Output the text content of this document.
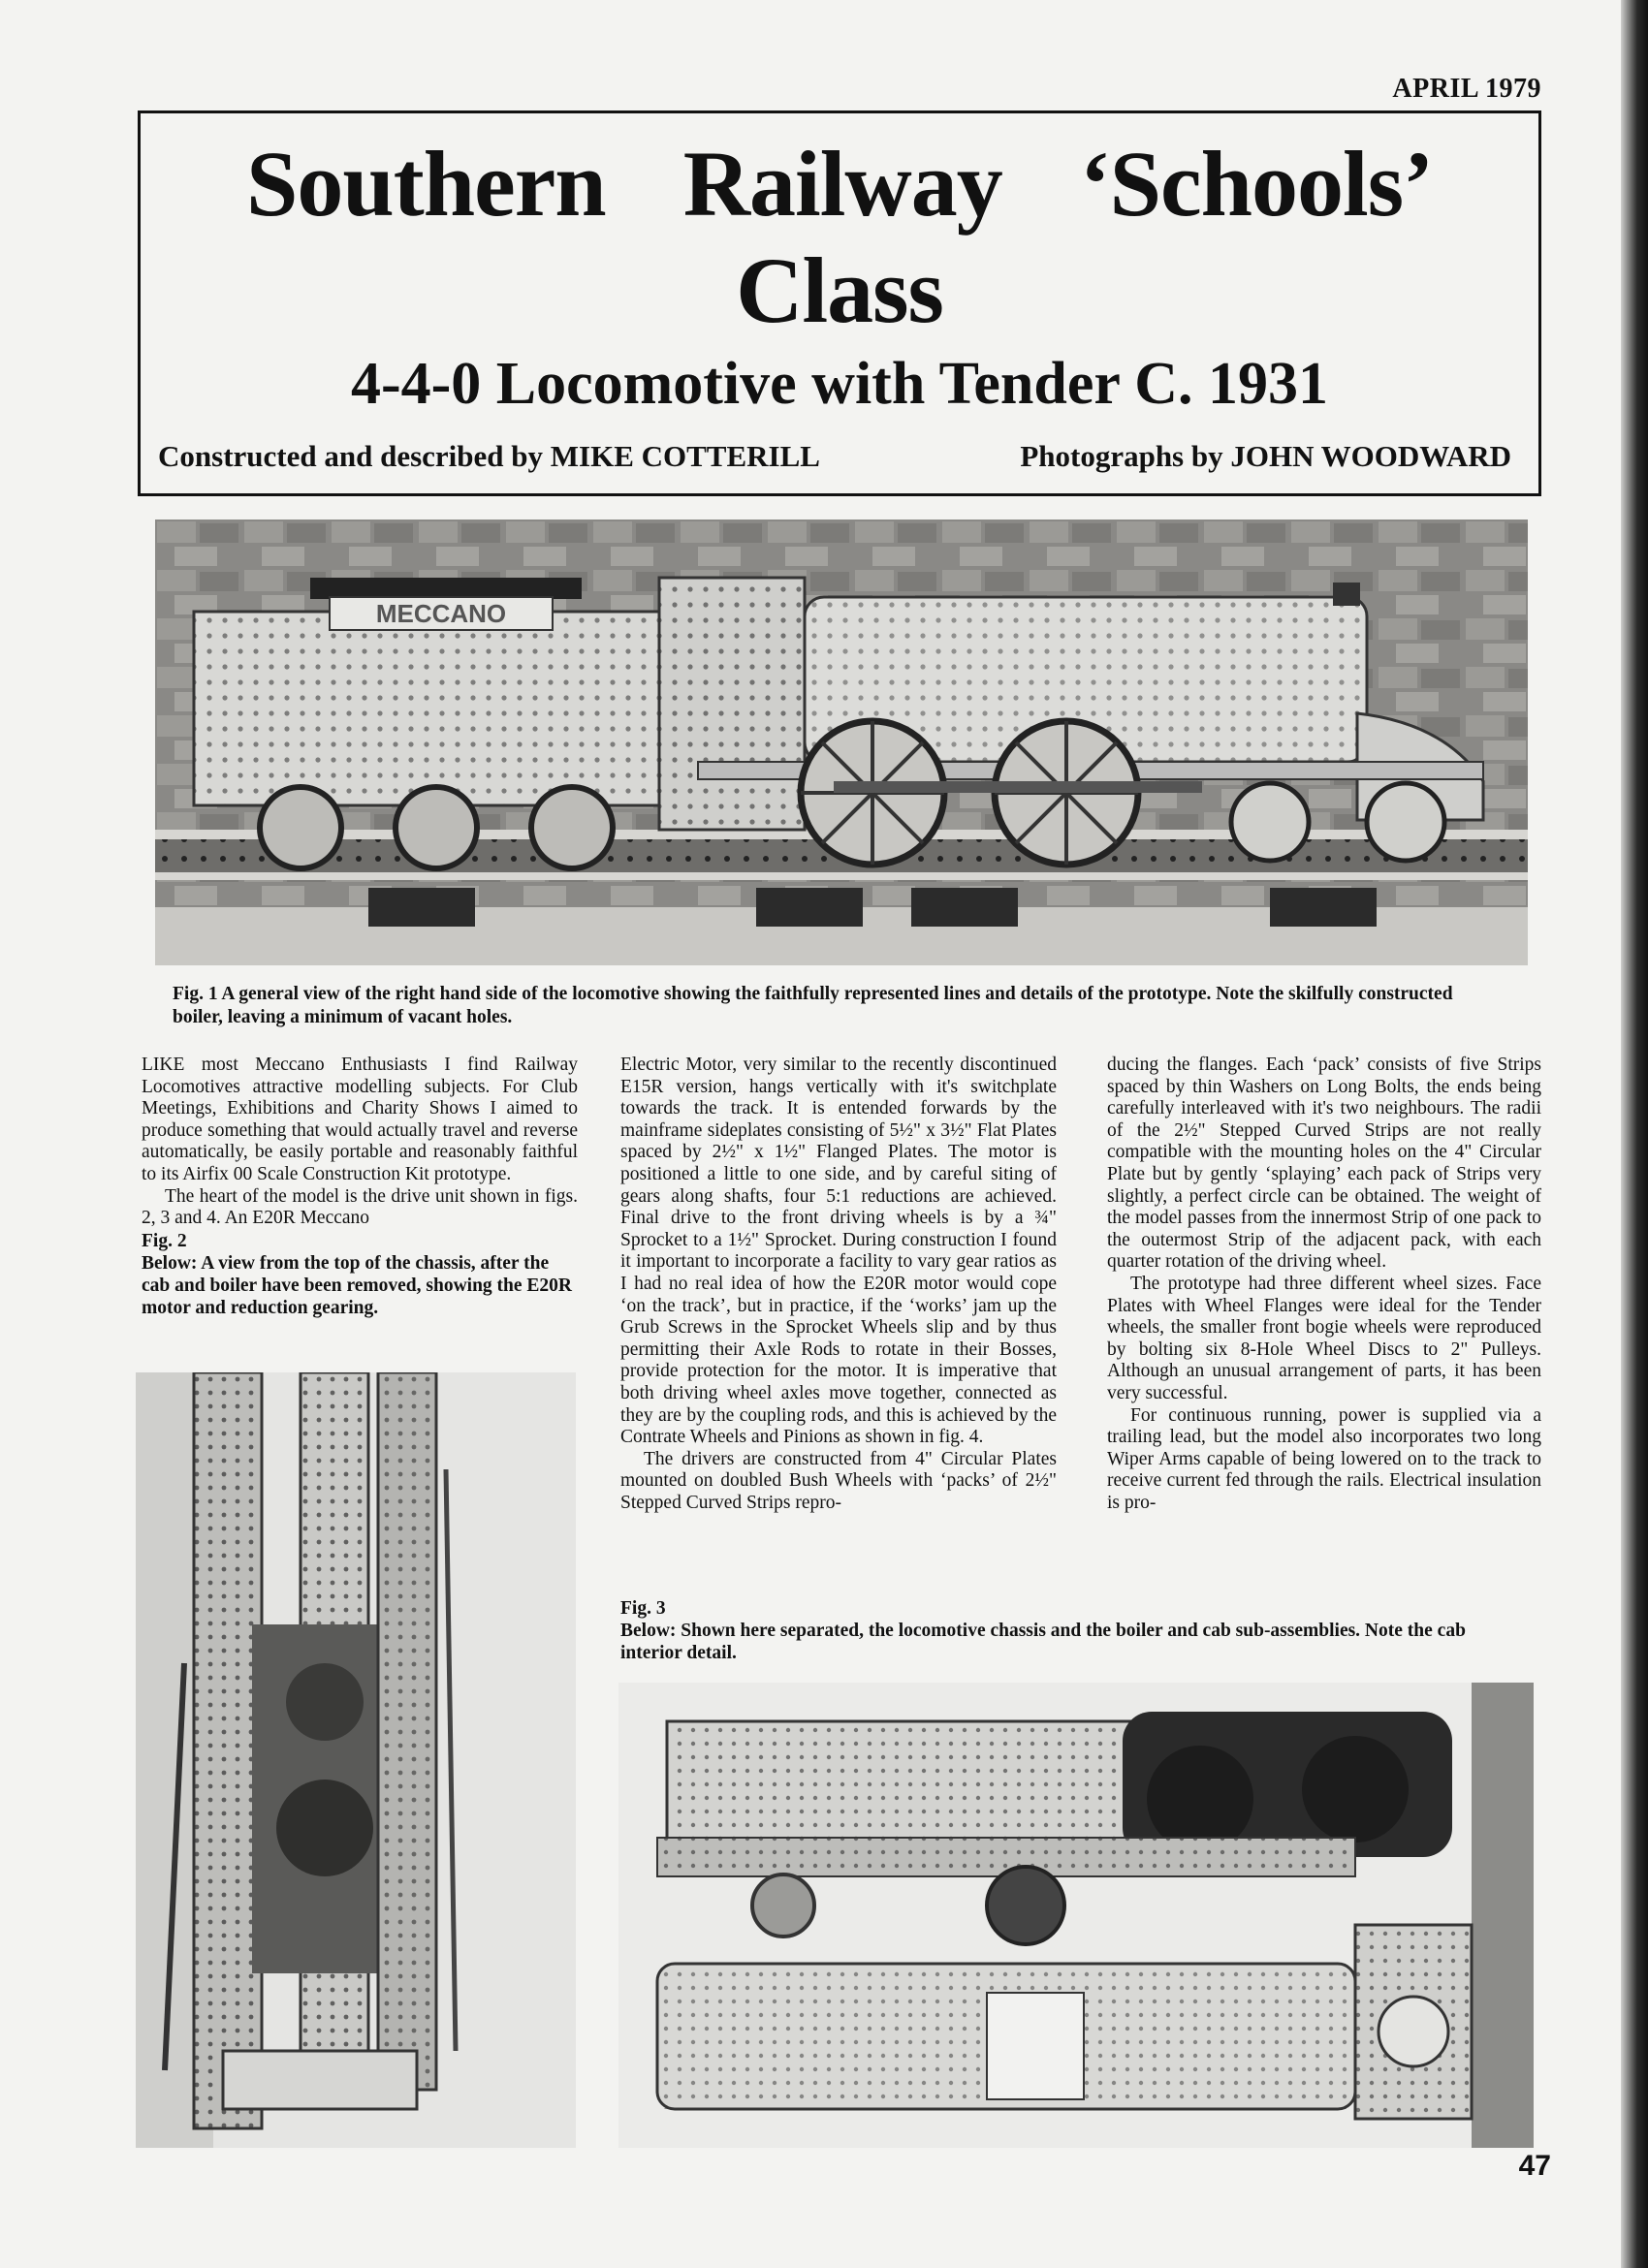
APRIL 1979
Southern Railway ‘Schools’
Class
4-4-0 Locomotive with Tender C. 1931
Constructed and described by MIKE COTTERILL	Photographs by JOHN WOODWARD
MECCANO
Fig. 1 A general view of the right hand side of the locomotive showing the faithfully represented lines and details of the prototype. Note the skilfully constructed boiler, leaving a minimum of vacant holes.

LIKE most Meccano Enthusiasts I find Railway Locomotives attractive modelling subjects. For Club Meetings, Exhibitions and Charity Shows I aimed to produce something that would actually travel and reverse automatically, be easily portable and reasonably faithful to its Airfix 00 Scale Construction Kit prototype.

The heart of the model is the drive unit shown in figs. 2, 3 and 4. An E20R Meccano

Fig. 2
Below: A view from the top of the chassis, after the cab and boiler have been removed, showing the E20R motor and reduction gearing.

Electric Motor, very similar to the recently discontinued E15R version, hangs vertically with it's switchplate towards the track. It is entended forwards by the mainframe sideplates consisting of 5½" x 3½" Flat Plates spaced by 2½" x 1½" Flanged Plates. The motor is positioned a little to one side, and by careful siting of gears along shafts, four 5:1 reductions are achieved. Final drive to the front driving wheels is by a ¾" Sprocket to a 1½" Sprocket. During construction I found it important to incorporate a facility to vary gear ratios as I had no real idea of how the E20R motor would cope ‘on the track’, but in practice, if the ‘works’ jam up the Grub Screws in the Sprocket Wheels slip and by thus permitting their Axle Rods to rotate in their Bosses, provide protection for the motor. It is imperative that both driving wheel axles move together, connected as they are by the coupling rods, and this is achieved by the Contrate Wheels and Pinions as shown in fig. 4.

The drivers are constructed from 4" Circular Plates mounted on doubled Bush Wheels with ‘packs’ of 2½" Stepped Curved Strips repro-

ducing the flanges. Each ‘pack’ consists of five Strips spaced by thin Washers on Long Bolts, the ends being carefully interleaved with it's two neighbours. The radii of the 2½" Stepped Curved Strips are not really compatible with the mounting holes on the 4" Circular Plate but by gently ‘splaying’ each pack of Strips very slightly, a perfect circle can be obtained. The weight of the model passes from the innermost Strip of one pack to the outermost Strip of the adjacent pack, with each quarter rotation of the driving wheel.

The prototype had three different wheel sizes. Face Plates with Wheel Flanges were ideal for the Tender wheels, the smaller front bogie wheels were reproduced by bolting six 8-Hole Wheel Discs to 2" Pulleys. Although an unusual arrangement of parts, it has been very successful.

For continuous running, power is supplied via a trailing lead, but the model also incorporates two long Wiper Arms capable of being lowered on to the track to receive current fed through the rails. Electrical insulation is pro-

Fig. 3
Below: Shown here separated, the locomotive chassis and the boiler and cab sub-assemblies. Note the cab interior detail.
47
